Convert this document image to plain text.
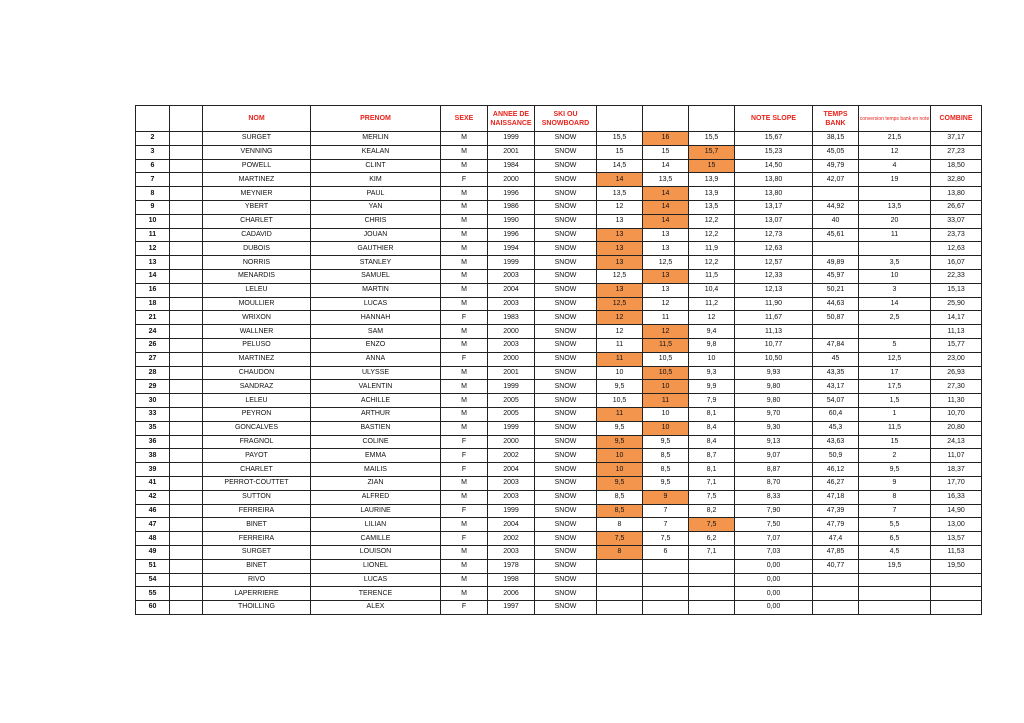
		NOM	PRENOM	SEXE	ANNEE DE NAISSANCE	SKI OU SNOWBOARD				NOTE SLOPE	TEMPS BANK	conversion temps bank en note	COMBINE
2		SURGET	MERLIN	M	1999	SNOW	15,5	16	15,5	15,67	38,15	21,5	37,17
3		VENNING	KEALAN	M	2001	SNOW	15	15	15,7	15,23	45,05	12	27,23
6		POWELL	CLINT	M	1984	SNOW	14,5	14	15	14,50	49,79	4	18,50
7		MARTINEZ	KIM	F	2000	SNOW	14	13,5	13,9	13,80	42,07	19	32,80
8		MEYNIER	PAUL	M	1996	SNOW	13,5	14	13,9	13,80			13,80
9		YBERT	YAN	M	1986	SNOW	12	14	13,5	13,17	44,92	13,5	26,67
10		CHARLET	CHRIS	M	1990	SNOW	13	14	12,2	13,07	40	20	33,07
11		CADAVID	JOUAN	M	1996	SNOW	13	13	12,2	12,73	45,61	11	23,73
12		DUBOIS	GAUTHIER	M	1994	SNOW	13	13	11,9	12,63			12,63
13		NORRIS	STANLEY	M	1999	SNOW	13	12,5	12,2	12,57	49,89	3,5	16,07
14		MENARDIS	SAMUEL	M	2003	SNOW	12,5	13	11,5	12,33	45,97	10	22,33
16		LELEU	MARTIN	M	2004	SNOW	13	13	10,4	12,13	50,21	3	15,13
18		MOULLIER	LUCAS	M	2003	SNOW	12,5	12	11,2	11,90	44,63	14	25,90
21		WRIXON	HANNAH	F	1983	SNOW	12	11	12	11,67	50,87	2,5	14,17
24		WALLNER	SAM	M	2000	SNOW	12	12	9,4	11,13			11,13
26		PELUSO	ENZO	M	2003	SNOW	11	11,5	9,8	10,77	47,84	5	15,77
27		MARTINEZ	ANNA	F	2000	SNOW	11	10,5	10	10,50	45	12,5	23,00
28		CHAUDON	ULYSSE	M	2001	SNOW	10	10,5	9,3	9,93	43,35	17	26,93
29		SANDRAZ	VALENTIN	M	1999	SNOW	9,5	10	9,9	9,80	43,17	17,5	27,30
30		LELEU	ACHILLE	M	2005	SNOW	10,5	11	7,9	9,80	54,07	1,5	11,30
33		PEYRON	ARTHUR	M	2005	SNOW	11	10	8,1	9,70	60,4	1	10,70
35		GONCALVES	BASTIEN	M	1999	SNOW	9,5	10	8,4	9,30	45,3	11,5	20,80
36		FRAGNOL	COLINE	F	2000	SNOW	9,5	9,5	8,4	9,13	43,63	15	24,13
38		PAYOT	EMMA	F	2002	SNOW	10	8,5	8,7	9,07	50,9	2	11,07
39		CHARLET	MAILIS	F	2004	SNOW	10	8,5	8,1	8,87	46,12	9,5	18,37
41		PERROT-COUTTET	ZIAN	M	2003	SNOW	9,5	9,5	7,1	8,70	46,27	9	17,70
42		SUTTON	ALFRED	M	2003	SNOW	8,5	9	7,5	8,33	47,18	8	16,33
46		FERREIRA	LAURINE	F	1999	SNOW	8,5	7	8,2	7,90	47,39	7	14,90
47		BINET	LILIAN	M	2004	SNOW	8	7	7,5	7,50	47,79	5,5	13,00
48		FERREIRA	CAMILLE	F	2002	SNOW	7,5	7,5	6,2	7,07	47,4	6,5	13,57
49		SURGET	LOUISON	M	2003	SNOW	8	6	7,1	7,03	47,85	4,5	11,53
51		BINET	LIONEL	M	1978	SNOW				0,00	40,77	19,5	19,50
54		RIVO	LUCAS	M	1998	SNOW				0,00			
55		LAPERRIERE	TERENCE	M	2006	SNOW				0,00			
60		THOILLING	ALEX	F	1997	SNOW				0,00			
